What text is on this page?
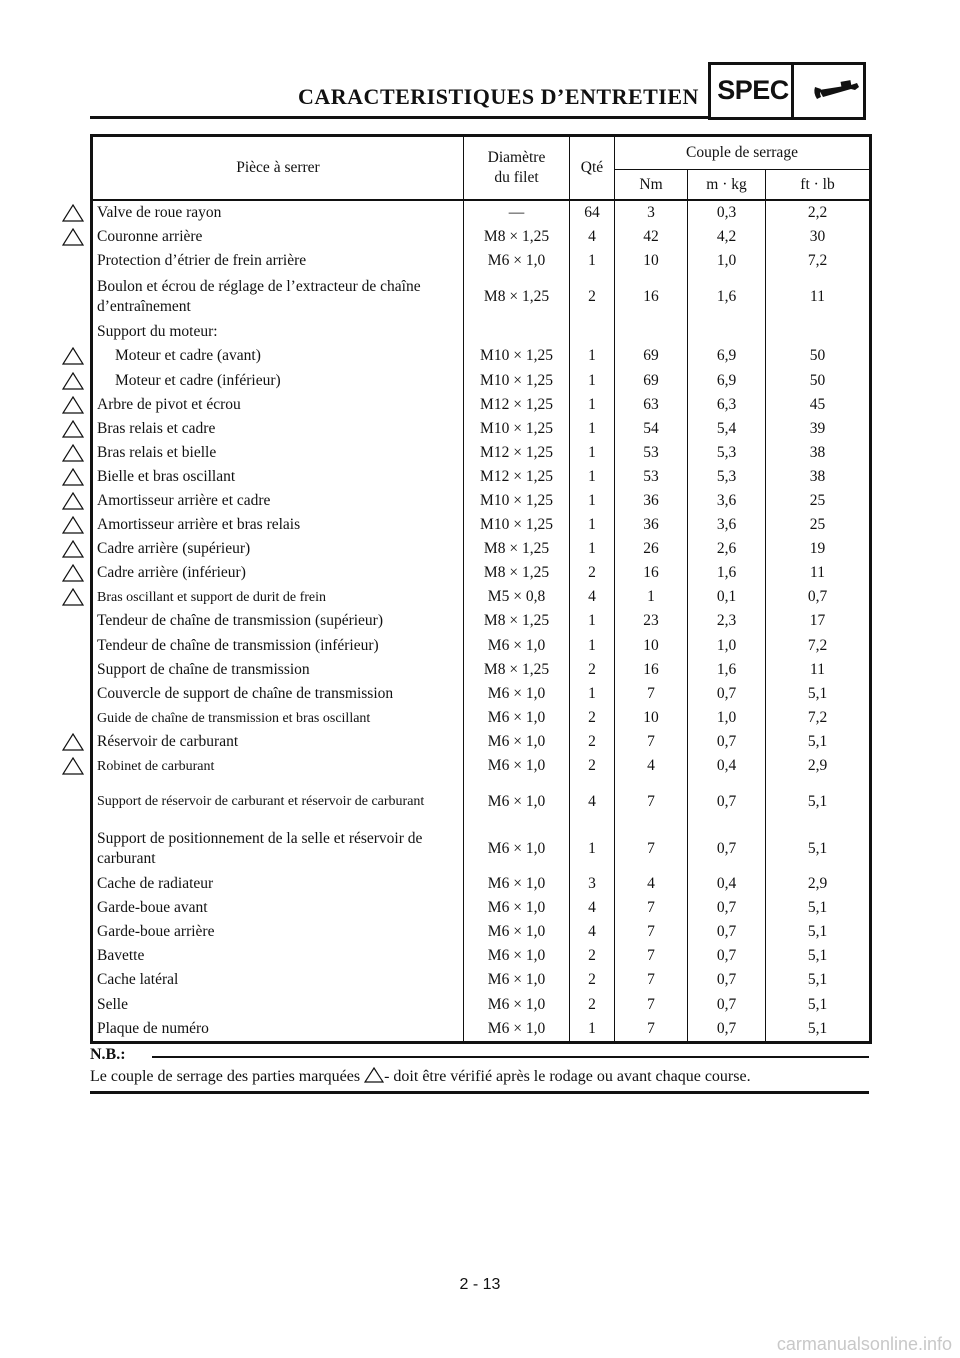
CARACTERISTIQUES D’ENTRETIEN SPEC
Pièce à serrer	Diamètre du filet	Qté	Couple de serrage		
			Nm	m · kg	ft · lb
Valve de roue rayon	—	64	3	0,3	2,2
Couronne arrière	M8 × 1,25	4	42	4,2	30
Protection d’étrier de frein arrière	M6 × 1,0	1	10	1,0	7,2
Boulon et écrou de réglage de l’extracteur de chaîne d’entraînement	M8 × 1,25	2	16	1,6	11
Support du moteur:					
Moteur et cadre (avant)	M10 × 1,25	1	69	6,9	50
Moteur et cadre (inférieur)	M10 × 1,25	1	69	6,9	50
Arbre de pivot et écrou	M12 × 1,25	1	63	6,3	45
Bras relais et cadre	M10 × 1,25	1	54	5,4	39
Bras relais et bielle	M12 × 1,25	1	53	5,3	38
Bielle et bras oscillant	M12 × 1,25	1	53	5,3	38
Amortisseur arrière et cadre	M10 × 1,25	1	36	3,6	25
Amortisseur arrière et bras relais	M10 × 1,25	1	36	3,6	25
Cadre arrière (supérieur)	M8 × 1,25	1	26	2,6	19
Cadre arrière (inférieur)	M8 × 1,25	2	16	1,6	11
Bras oscillant et support de durit de frein	M5 × 0,8	4	1	0,1	0,7
Tendeur de chaîne de transmission (supérieur)	M8 × 1,25	1	23	2,3	17
Tendeur de chaîne de transmission (inférieur)	M6 × 1,0	1	10	1,0	7,2
Support de chaîne de transmission	M8 × 1,25	2	16	1,6	11
Couvercle de support de chaîne de transmission	M6 × 1,0	1	7	0,7	5,1
Guide de chaîne de transmission et bras oscillant	M6 × 1,0	2	10	1,0	7,2
Réservoir de carburant	M6 × 1,0	2	7	0,7	5,1
Robinet de carburant	M6 × 1,0	2	4	0,4	2,9
Support de réservoir de carburant et réservoir de carburant	M6 × 1,0	4	7	0,7	5,1
Support de positionnement de la selle et réservoir de carburant	M6 × 1,0	1	7	0,7	5,1
Cache de radiateur	M6 × 1,0	3	4	0,4	2,9
Garde-boue avant	M6 × 1,0	4	7	0,7	5,1
Garde-boue arrière	M6 × 1,0	4	7	0,7	5,1
Bavette	M6 × 1,0	2	7	0,7	5,1
Cache latéral	M6 × 1,0	2	7	0,7	5,1
Selle	M6 × 1,0	2	7	0,7	5,1
Plaque de numéro	M6 × 1,0	1	7	0,7	5,1
N.B.:
Le couple de serrage des parties marquées - doit être vérifié après le rodage ou avant chaque course.
2 - 13
carmanualsonline.info
